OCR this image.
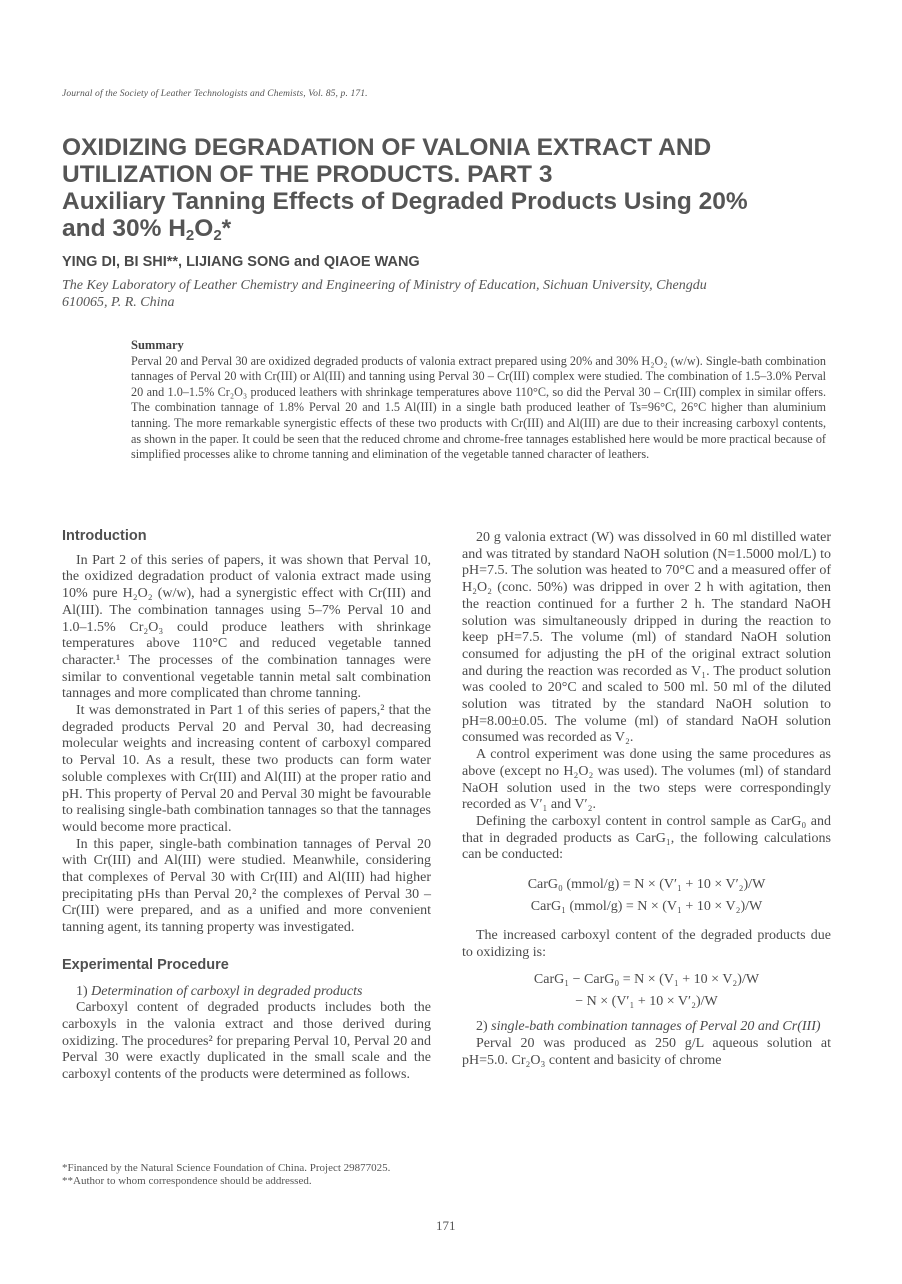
Journal of the Society of Leather Technologists and Chemists, Vol. 85, p. 171.
OXIDIZING DEGRADATION OF VALONIA EXTRACT AND
UTILIZATION OF THE PRODUCTS. PART 3
Auxiliary Tanning Effects of Degraded Products Using 20%
and 30% $H_2O_2*$
YING DI, BI SHI**, LIJIANG SONG and QIAOE WANG
The Key Laboratory of Leather Chemistry and Engineering of Ministry of Education, Sichuan University, Chengdu
610065, P. R. China
Summary

Perval 20 and Perval 30 are oxidized degraded products of valonia extract prepared using 20% and 30% H₂O₂ (w/w). Single-bath combination tannages of Perval 20 with Cr(III) or Al(III) and tanning using Perval 30 – Cr(III) complex were studied. The combination of 1.5–3.0% Perval 20 and 1.0–1.5% Cr₂O₃ produced leathers with shrinkage temperatures above 110°C, so did the Perval 30 – Cr(III) complex in similar offers. The combination tannage of 1.8% Perval 20 and 1.5 Al(III) in a single bath produced leather of Ts=96°C, 26°C higher than aluminium tanning. The more remarkable synergistic effects of these two products with Cr(III) and Al(III) are due to their increasing carboxyl contents, as shown in the paper. It could be seen that the reduced chrome and chrome-free tannages established here would be more practical because of simplified processes alike to chrome tanning and elimination of the vegetable tanned character of leathers.

Introduction

In Part 2 of this series of papers, it was shown that Perval 10, the oxidized degradation product of valonia extract made using 10% pure H₂O₂ (w/w), had a synergistic effect with Cr(III) and Al(III). The combination tannages using 5–7% Perval 10 and 1.0–1.5% Cr₂O₃ could produce leathers with shrinkage temperatures above 110°C and reduced vegetable tanned character.¹ The processes of the combination tannages were similar to conventional vegetable tannin metal salt combination tannages and more complicated than chrome tanning.

It was demonstrated in Part 1 of this series of papers,² that the degraded products Perval 20 and Perval 30, had decreasing molecular weights and increasing content of carboxyl compared to Perval 10. As a result, these two products can form water soluble complexes with Cr(III) and Al(III) at the proper ratio and pH. This property of Perval 20 and Perval 30 might be favourable to realising single-bath combination tannages so that the tannages would become more practical.

In this paper, single-bath combination tannages of Perval 20 with Cr(III) and Al(III) were studied. Meanwhile, considering that complexes of Perval 30 with Cr(III) and Al(III) had higher precipitating pHs than Perval 20,² the complexes of Perval 30 – Cr(III) were prepared, and as a unified and more convenient tanning agent, its tanning property was investigated.

Experimental Procedure

1) Determination of carboxyl in degraded products

Carboxyl content of degraded products includes both the carboxyls in the valonia extract and those derived during oxidizing. The procedures² for preparing Perval 10, Perval 20 and Perval 30 were exactly duplicated in the small scale and the carboxyl contents of the products were determined as follows.

20 g valonia extract (W) was dissolved in 60 ml distilled water and was titrated by standard NaOH solution (N=1.5000 mol/L) to pH=7.5. The solution was heated to 70°C and a measured offer of H₂O₂ (conc. 50%) was dripped in over 2 h with agitation, then the reaction continued for a further 2 h. The standard NaOH solution was simultaneously dripped in during the reaction to keep pH=7.5. The volume (ml) of standard NaOH solution consumed for adjusting the pH of the original extract solution and during the reaction was recorded as V₁. The product solution was cooled to 20°C and scaled to 500 ml. 50 ml of the diluted solution was titrated by the standard NaOH solution to pH=8.00±0.05. The volume (ml) of standard NaOH solution consumed was recorded as V₂.

A control experiment was done using the same procedures as above (except no H₂O₂ was used). The volumes (ml) of standard NaOH solution used in the two steps were correspondingly recorded as V′₁ and V′₂.

Defining the carboxyl content in control sample as CarG₀ and that in degraded products as CarG₁, the following calculations can be conducted:

CarG₀ (mmol/g) = N × (V′₁ + 10 × V′₂)/W
CarG₁ (mmol/g) = N × (V₁ + 10 × V₂)/W

The increased carboxyl content of the degraded products due to oxidizing is:

CarG₁ − CarG₀ = N × (V₁ + 10 × V₂)/W
− N × (V′₁ + 10 × V′₂)/W

2) single-bath combination tannages of Perval 20 and Cr(III)

Perval 20 was produced as 250 g/L aqueous solution at pH=5.0. Cr₂O₃ content and basicity of chrome

*Financed by the Natural Science Foundation of China. Project 29877025.

**Author to whom correspondence should be addressed.

171
